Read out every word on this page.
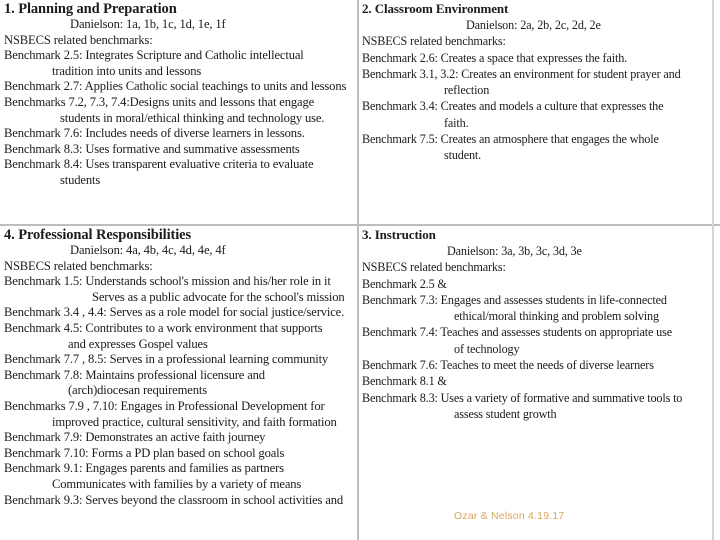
1. Planning and Preparation
Danielson: 1a, 1b, 1c, 1d, 1e, 1f
NSBECS related benchmarks:
Benchmark 2.5: Integrates Scripture and Catholic intellectual
tradition into units and lessons
Benchmark 2.7: Applies Catholic social teachings to units and lessons
Benchmarks 7.2, 7.3, 7.4:Designs units and lessons that engage
students in moral/ethical thinking and technology use.
Benchmark 7.6: Includes needs of diverse learners in lessons.
Benchmark 8.3: Uses formative and summative assessments
Benchmark 8.4: Uses transparent evaluative criteria to evaluate
students
2. Classroom Environment
Danielson: 2a, 2b, 2c, 2d, 2e
NSBECS related benchmarks:
Benchmark 2.6: Creates a space that expresses the faith.
Benchmark 3.1, 3.2: Creates an environment for student prayer and
reflection
Benchmark 3.4: Creates and models a culture that expresses the
faith.
Benchmark 7.5: Creates an atmosphere that engages the whole
student.
4. Professional Responsibilities
Danielson: 4a, 4b, 4c, 4d, 4e, 4f
NSBECS related benchmarks:
Benchmark 1.5: Understands school's mission and his/her role in it
Serves as a public advocate for the school's mission
Benchmark 3.4 , 4.4: Serves as a role model for social justice/service.
Benchmark 4.5: Contributes to a work environment that supports
and expresses Gospel values
Benchmark 7.7 , 8.5: Serves in a professional learning community
Benchmark 7.8: Maintains professional licensure and
(arch)diocesan requirements
Benchmarks 7.9 , 7.10: Engages in Professional Development for
improved practice, cultural sensitivity, and faith formation
Benchmark 7.9: Demonstrates an active faith journey
Benchmark 7.10: Forms a PD plan based on school goals
Benchmark 9.1: Engages parents and families as partners
Communicates with families by a variety of means
Benchmark 9.3: Serves beyond the classroom in school activities and
3. Instruction
Danielson: 3a, 3b, 3c, 3d, 3e
NSBECS related benchmarks:
Benchmark 2.5 &
Benchmark 7.3: Engages and assesses students in life-connected
ethical/moral thinking and problem solving
Benchmark 7.4: Teaches and assesses students on appropriate use
of technology
Benchmark 7.6: Teaches to meet the needs of diverse learners
Benchmark 8.1 &
Benchmark 8.3: Uses a variety of formative and summative tools to
assess student growth
Ozar & Nelson 4.19.17
